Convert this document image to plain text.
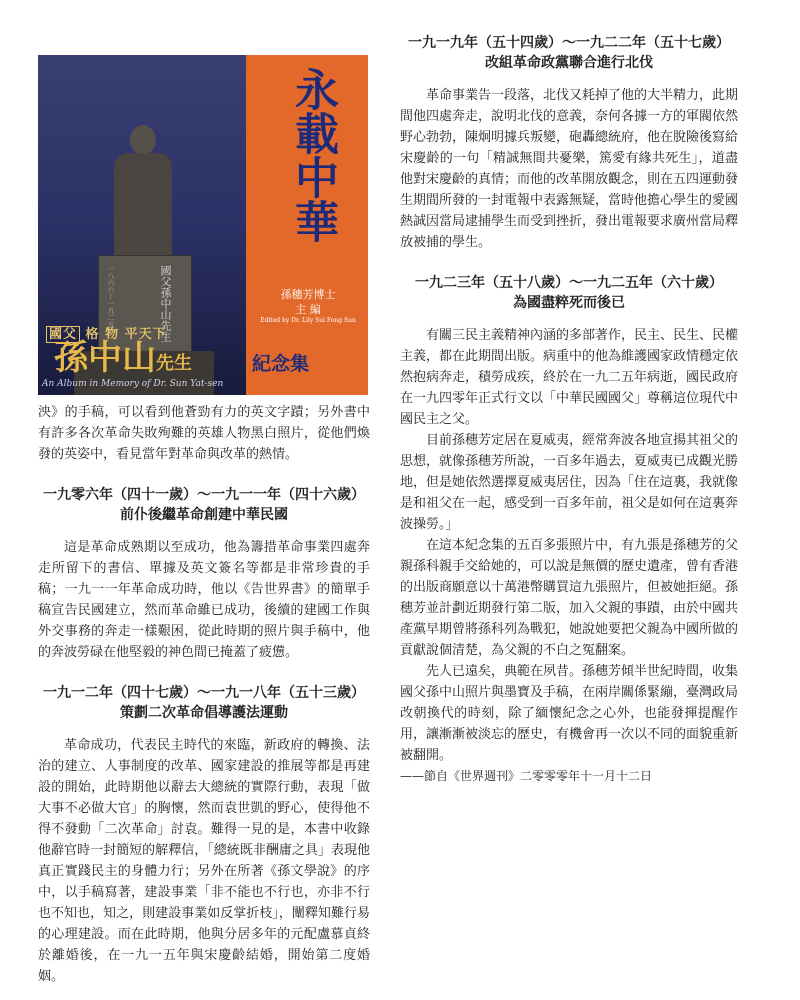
國父孫中山先生
一八六六—一九二五
永載中華
孫穗芳博士
主 編
Edited by Dr. Lily Sui Fong Sun
國父 格 物 平天下
孫中山先生	紀念集
An Album in Memory of Dr. Sun Yat-sen

泱》的手稿，可以看到他蒼勁有力的英文字蹟；另外書中有許多各次革命失敗殉難的英雄人物黑白照片，從他們煥發的英姿中，看見當年對革命與改革的熱情。

一九零六年（四十一歲）～一九一一年（四十六歲）

前仆後繼革命創建中華民國

這是革命成熟期以至成功，他為籌措革命事業四處奔走所留下的書信、單據及英文簽名等都是非常珍貴的手稿；一九一一年革命成功時，他以《告世界書》的簡單手稿宣告民國建立，然而革命雖已成功，後續的建國工作與外交事務的奔走一樣艱困，從此時期的照片與手稿中，他的奔波勞碌在他堅毅的神色間已掩蓋了疲憊。

一九一二年（四十七歲）～一九一八年（五十三歲）

策劃二次革命倡導護法運動

革命成功，代表民主時代的來臨，新政府的轉換、法治的建立、人事制度的改革、國家建設的推展等都是再建設的開始，此時期他以辭去大總統的實際行動，表現「做大事不必做大官」的胸懷，然而袁世凱的野心，使得他不得不發動「二次革命」討袁。難得一見的是，本書中收錄他辭官時一封簡短的解釋信，「總統既非酬庸之具」表現他真正實踐民主的身體力行；另外在所著《孫文學說》的序中，以手稿寫著，建設事業「非不能也不行也，亦非不行也不知也，知之，則建設事業如反掌折枝」，闡釋知難行易的心理建設。而在此時期，他與分居多年的元配盧慕貞終於離婚後，在一九一五年與宋慶齡結婚，開始第二度婚姻。

一九一九年（五十四歲）～一九二二年（五十七歲）

改組革命政黨聯合進行北伐

革命事業告一段落，北伐又耗掉了他的大半精力，此期間他四處奔走，說明北伐的意義，奈何各據一方的軍閥依然野心勃勃，陳炯明據兵叛變，砲轟總統府，他在脫險後寫給宋慶齡的一句「精誠無間共憂樂，篤愛有緣共死生」，道盡他對宋慶齡的真情；而他的改革開放觀念，則在五四運動發生期間所發的一封電報中表露無疑，當時他擔心學生的愛國熱誠因當局逮捕學生而受到挫折，發出電報要求廣州當局釋放被捕的學生。

一九二三年（五十八歲）～一九二五年（六十歲）

為國盡粹死而後已

有關三民主義精神內涵的多部著作，民主、民生、民權主義，都在此期間出版。病重中的他為維護國家政情穩定依然抱病奔走，積勞成疾，終於在一九二五年病逝，國民政府在一九四零年正式行文以「中華民國國父」尊稱這位現代中國民主之父。

目前孫穗芳定居在夏威夷，經常奔波各地宣揚其祖父的思想，就像孫穗芳所說，一百多年過去，夏威夷已成觀光勝地，但是她依然選擇夏威夷居住，因為「住在這裏，我就像是和祖父在一起，感受到一百多年前，祖父是如何在這裏奔波操勞。」

在這本紀念集的五百多張照片中，有九張是孫穗芳的父親孫科親手交給她的，可以說是無價的歷史遺產，曾有香港的出版商願意以十萬港幣購買這九張照片，但被她拒絕。孫穗芳並計劃近期發行第二版，加入父親的事蹟，由於中國共產黨早期曾將孫科列為戰犯，她說她要把父親為中國所做的貢獻說個清楚，為父親的不白之冤翻案。

先人已遠矣，典範在夙昔。孫穗芳傾半世紀時間，收集國父孫中山照片與墨寶及手稿，在兩岸關係緊繃，臺灣政局改朝換代的時刻，除了緬懷紀念之心外，也能發揮提醒作用，讓漸漸被淡忘的歷史，有機會再一次以不同的面貌重新被翻開。

——節自《世界週刊》二零零零年十一月十二日
